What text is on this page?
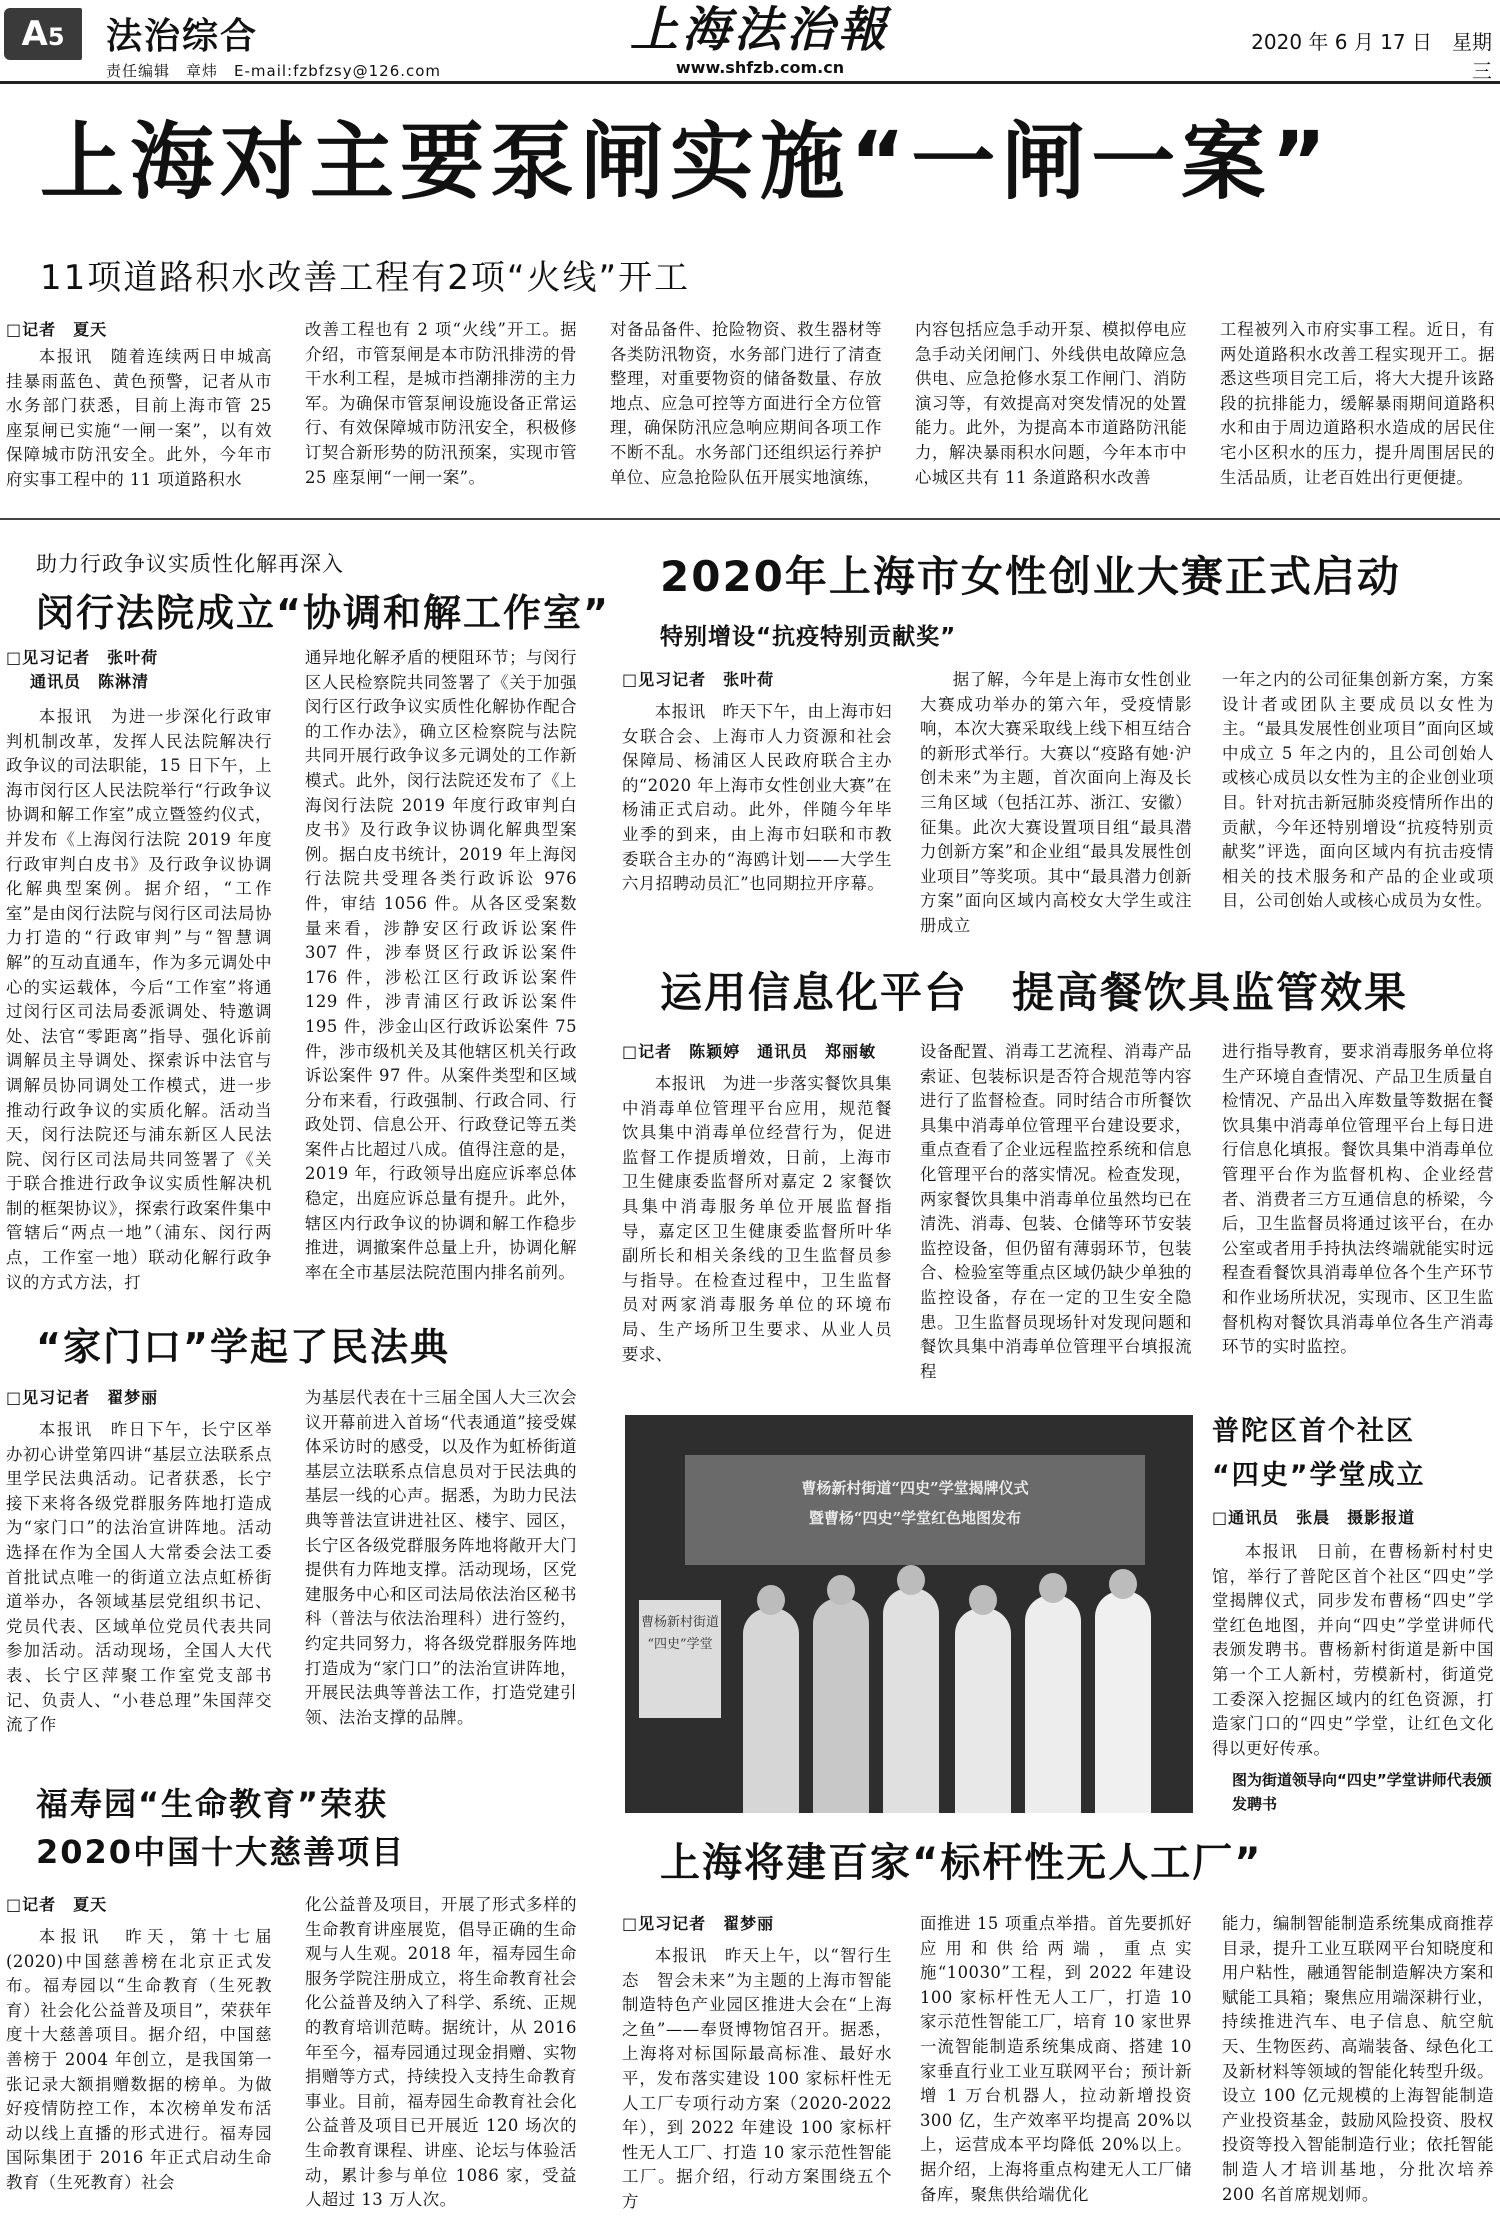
A5	法治综合
责任编辑　章炜　E-mail:fzbfzsy@126.com
上海法治報
www.shfzb.com.cn
2020 年 6 月 17 日　星期三
上海对主要泵闸实施“一闸一案”
11项道路积水改善工程有2项“火线”开工
□记者　夏天

本报讯　随着连续两日申城高挂暴雨蓝色、黄色预警，记者从市水务部门获悉，目前上海市管 25 座泵闸已实施“一闸一案”，以有效保障城市防汛安全。此外，今年市府实事工程中的 11 项道路积水

改善工程也有 2 项“火线”开工。据介绍，市管泵闸是本市防汛排涝的骨干水利工程，是城市挡潮排涝的主力军。为确保市管泵闸设施设备正常运行、有效保障城市防汛安全，积极修订契合新形势的防汛预案，实现市管 25 座泵闸“一闸一案”。

对备品备件、抢险物资、救生器材等各类防汛物资，水务部门进行了清查整理，对重要物资的储备数量、存放地点、应急可控等方面进行全方位管理，确保防汛应急响应期间各项工作不断不乱。水务部门还组织运行养护单位、应急抢险队伍开展实地演练，

内容包括应急手动开泵、模拟停电应急手动关闭闸门、外线供电故障应急供电、应急抢修水泵工作闸门、消防演习等，有效提高对突发情况的处置能力。此外，为提高本市道路防汛能力，解决暴雨积水问题，今年本市中心城区共有 11 条道路积水改善

工程被列入市府实事工程。近日，有两处道路积水改善工程实现开工。据悉这些项目完工后，将大大提升该路段的抗排能力，缓解暴雨期间道路积水和由于周边道路积水造成的居民住宅小区积水的压力，提升周围居民的生活品质，让老百姓出行更便捷。

助力行政争议实质性化解再深入
闵行法院成立“协调和解工作室”
□见习记者　张叶荷
通讯员　陈淋清

本报讯　为进一步深化行政审判机制改革，发挥人民法院解决行政争议的司法职能，15 日下午，上海市闵行区人民法院举行“行政争议协调和解工作室”成立暨签约仪式，并发布《上海闵行法院 2019 年度行政审判白皮书》及行政争议协调化解典型案例。据介绍，“工作室”是由闵行法院与闵行区司法局协力打造的“行政审判”与“智慧调解”的互动直通车，作为多元调处中心的实运载体，今后“工作室”将通过闵行区司法局委派调处、特邀调处、法官“零距离”指导、强化诉前调解员主导调处、探索诉中法官与调解员协同调处工作模式，进一步推动行政争议的实质化解。活动当天，闵行法院还与浦东新区人民法院、闵行区司法局共同签署了《关于联合推进行政争议实质性解决机制的框架协议》，探索行政案件集中管辖后“两点一地”（浦东、闵行两点，工作室一地）联动化解行政争议的方式方法，打

通异地化解矛盾的梗阻环节；与闵行区人民检察院共同签署了《关于加强闵行区行政争议实质性化解协作配合的工作办法》，确立区检察院与法院共同开展行政争议多元调处的工作新模式。此外，闵行法院还发布了《上海闵行法院 2019 年度行政审判白皮书》及行政争议协调化解典型案例。据白皮书统计，2019 年上海闵行法院共受理各类行政诉讼 976 件，审结 1056 件。从各区受案数量来看，涉静安区行政诉讼案件 307 件，涉奉贤区行政诉讼案件 176 件，涉松江区行政诉讼案件 129 件，涉青浦区行政诉讼案件 195 件，涉金山区行政诉讼案件 75 件，涉市级机关及其他辖区机关行政诉讼案件 97 件。从案件类型和区域分布来看，行政强制、行政合同、行政处罚、信息公开、行政登记等五类案件占比超过八成。值得注意的是，2019 年，行政领导出庭应诉率总体稳定，出庭应诉总量有提升。此外，辖区内行政争议的协调和解工作稳步推进，调撤案件总量上升，协调化解率在全市基层法院范围内排名前列。

2020年上海市女性创业大赛正式启动
特别增设“抗疫特别贡献奖”
□见习记者　张叶荷

本报讯　昨天下午，由上海市妇女联合会、上海市人力资源和社会保障局、杨浦区人民政府联合主办的“2020 年上海市女性创业大赛”在杨浦正式启动。此外，伴随今年毕业季的到来，由上海市妇联和市教委联合主办的“海鸥计划——大学生六月招聘动员汇”也同期拉开序幕。

据了解，今年是上海市女性创业大赛成功举办的第六年，受疫情影响，本次大赛采取线上线下相互结合的新形式举行。大赛以“疫路有她·沪创未来”为主题，首次面向上海及长三角区域（包括江苏、浙江、安徽）征集。此次大赛设置项目组“最具潜力创新方案”和企业组“最具发展性创业项目”等奖项。其中“最具潜力创新方案”面向区域内高校女大学生或注册成立

一年之内的公司征集创新方案，方案设计者或团队主要成员以女性为主。“最具发展性创业项目”面向区域中成立 5 年之内的，且公司创始人或核心成员以女性为主的企业创业项目。针对抗击新冠肺炎疫情所作出的贡献，今年还特别增设“抗疫特别贡献奖”评选，面向区域内有抗击疫情相关的技术服务和产品的企业或项目，公司创始人或核心成员为女性。

运用信息化平台　提高餐饮具监管效果
□记者　陈颖婷　通讯员　郑丽敏

本报讯　为进一步落实餐饮具集中消毒单位管理平台应用，规范餐饮具集中消毒单位经营行为，促进监督工作提质增效，日前，上海市卫生健康委监督所对嘉定 2 家餐饮具集中消毒服务单位开展监督指导，嘉定区卫生健康委监督所叶华副所长和相关条线的卫生监督员参与指导。在检查过程中，卫生监督员对两家消毒服务单位的环境布局、生产场所卫生要求、从业人员要求、

设备配置、消毒工艺流程、消毒产品索证、包装标识是否符合规范等内容进行了监督检查。同时结合市所餐饮具集中消毒单位管理平台建设要求，重点查看了企业远程监控系统和信息化管理平台的落实情况。检查发现，两家餐饮具集中消毒单位虽然均已在清洗、消毒、包装、仓储等环节安装监控设备，但仍留有薄弱环节，包装合、检验室等重点区域仍缺少单独的监控设备，存在一定的卫生安全隐患。卫生监督员现场针对发现问题和餐饮具集中消毒单位管理平台填报流程

进行指导教育，要求消毒服务单位将生产环境自查情况、产品卫生质量自检情况、产品出入库数量等数据在餐饮具集中消毒单位管理平台上每日进行信息化填报。餐饮具集中消毒单位管理平台作为监督机构、企业经营者、消费者三方互通信息的桥梁，今后，卫生监督员将通过该平台，在办公室或者用手持执法终端就能实时远程查看餐饮具消毒单位各个生产环节和作业场所状况，实现市、区卫生监督机构对餐饮具消毒单位各生产消毒环节的实时监控。

“家门口”学起了民法典
□见习记者　翟梦丽

本报讯　昨日下午，长宁区举办初心讲堂第四讲“基层立法联系点里学民法典活动。记者获悉，长宁接下来将各级党群服务阵地打造成为“家门口”的法治宣讲阵地。活动选择在作为全国人大常委会法工委首批试点唯一的街道立法点虹桥街道举办，各领域基层党组织书记、党员代表、区域单位党员代表共同参加活动。活动现场，全国人大代表、长宁区萍聚工作室党支部书记、负责人、“小巷总理”朱国萍交流了作

为基层代表在十三届全国人大三次会议开幕前进入首场“代表通道”接受媒体采访时的感受，以及作为虹桥街道基层立法联系点信息员对于民法典的基层一线的心声。据悉，为助力民法典等普法宣讲进社区、楼宇、园区，长宁区各级党群服务阵地将敞开大门提供有力阵地支撑。活动现场，区党建服务中心和区司法局依法治区秘书科（普法与依法治理科）进行签约，约定共同努力，将各级党群服务阵地打造成为“家门口”的法治宣讲阵地，开展民法典等普法工作，打造党建引领、法治支撑的品牌。

曹杨新村街道“四史”学堂揭牌仪式
暨曹杨“四史”学堂红色地图发布
曹杨新村街道
“四史”学堂
普陀区首个社区
“四史”学堂成立
□通讯员　张晨　摄影报道

本报讯　日前，在曹杨新村村史馆，举行了普陀区首个社区“四史”学堂揭牌仪式，同步发布曹杨“四史”学堂红色地图，并向“四史”学堂讲师代表颁发聘书。曹杨新村街道是新中国第一个工人新村，劳模新村，街道党工委深入挖掘区域内的红色资源，打造家门口的“四史”学堂，让红色文化得以更好传承。

图为街道领导向“四史”学堂讲师代表颁发聘书
福寿园“生命教育”荣获
2020中国十大慈善项目
□记者　夏天

本报讯　昨天，第十七届(2020)中国慈善榜在北京正式发布。福寿园以“生命教育（生死教育）社会化公益普及项目”，荣获年度十大慈善项目。据介绍，中国慈善榜于 2004 年创立，是我国第一张记录大额捐赠数据的榜单。为做好疫情防控工作，本次榜单发布活动以线上直播的形式进行。福寿园国际集团于 2016 年正式启动生命教育（生死教育）社会

化公益普及项目，开展了形式多样的生命教育讲座展览，倡导正确的生命观与人生观。2018 年，福寿园生命服务学院注册成立，将生命教育社会化公益普及纳入了科学、系统、正规的教育培训范畴。据统计，从 2016 年至今，福寿园通过现金捐赠、实物捐赠等方式，持续投入支持生命教育事业。目前，福寿园生命教育社会化公益普及项目已开展近 120 场次的生命教育课程、讲座、论坛与体验活动，累计参与单位 1086 家，受益人超过 13 万人次。

上海将建百家“标杆性无人工厂”
□见习记者　翟梦丽

本报讯　昨天上午，以“智行生态　智会未来”为主题的上海市智能制造特色产业园区推进大会在“上海之鱼”——奉贤博物馆召开。据悉，上海将对标国际最高标准、最好水平，发布落实建设 100 家标杆性无人工厂专项行动方案（2020-2022 年），到 2022 年建设 100 家标杆性无人工厂、打造 10 家示范性智能工厂。据介绍，行动方案围绕五个方

面推进 15 项重点举措。首先要抓好应用和供给两端，重点实施“10030”工程，到 2022 年建设 100 家标杆性无人工厂，打造 10 家示范性智能工厂，培育 10 家世界一流智能制造系统集成商、搭建 10 家垂直行业工业互联网平台；预计新增 1 万台机器人，拉动新增投资 300 亿，生产效率平均提高 20%以上，运营成本平均降低 20%以上。据介绍，上海将重点构建无人工厂储备库，聚焦供给端优化

能力，编制智能制造系统集成商推荐目录，提升工业互联网平台知晓度和用户粘性，融通智能制造解决方案和赋能工具箱；聚焦应用端深耕行业，持续推进汽车、电子信息、航空航天、生物医药、高端装备、绿色化工及新材料等领域的智能化转型升级。设立 100 亿元规模的上海智能制造产业投资基金，鼓励风险投资、股权投资等投入智能制造行业；依托智能制造人才培训基地，分批次培养 200 名首席规划师。
